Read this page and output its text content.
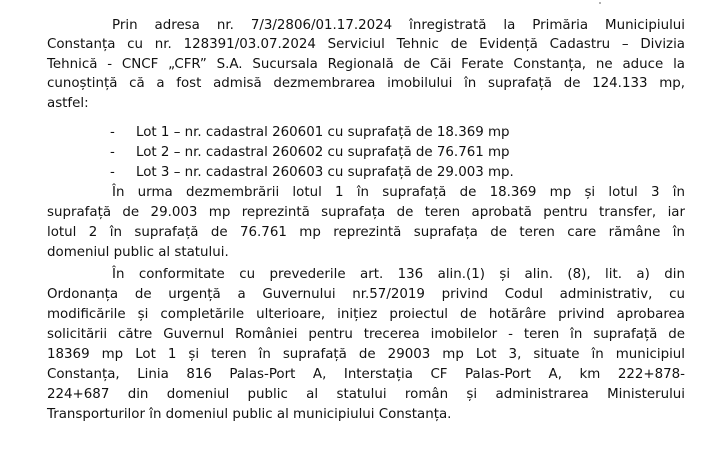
Prin adresa nr. 7/3/2806/01.17.2024 înregistrată la Primăria Municipiului
Constanța cu nr. 128391/03.07.2024 Serviciul Tehnic de Evidență Cadastru – Divizia
Tehnică - CNCF „CFR” S.A. Sucursala Regională de Căi Ferate Constanța, ne aduce la
cunoștință că a fost admisă dezmembrarea imobilului în suprafață de 124.133 mp,
astfel:
- Lot 1 – nr. cadastral 260601 cu suprafață de 18.369 mp
- Lot 2 – nr. cadastral 260602 cu suprafață de 76.761 mp
- Lot 3 – nr. cadastral 260603 cu suprafață de 29.003 mp.
În urma dezmembrării lotul 1 în suprafață de 18.369 mp și lotul 3 în
suprafață de 29.003 mp reprezintă suprafața de teren aprobată pentru transfer, iar
lotul 2 în suprafață de 76.761 mp reprezintă suprafața de teren care rămâne în
domeniul public al statului.
În conformitate cu prevederile art. 136 alin.(1) și alin. (8), lit. a) din
Ordonanța de urgență a Guvernului nr.57/2019 privind Codul administrativ, cu
modificările și completările ulterioare, inițiez proiectul de hotărâre privind aprobarea
solicitării către Guvernul României pentru trecerea imobilelor - teren în suprafață de
18369 mp Lot 1 și teren în suprafață de 29003 mp Lot 3, situate în municipiul
Constanța, Linia 816 Palas-Port A, Interstația CF Palas-Port A, km 222+878-
224+687 din domeniul public al statului român și administrarea Ministerului
Transporturilor în domeniul public al municipiului Constanța.
